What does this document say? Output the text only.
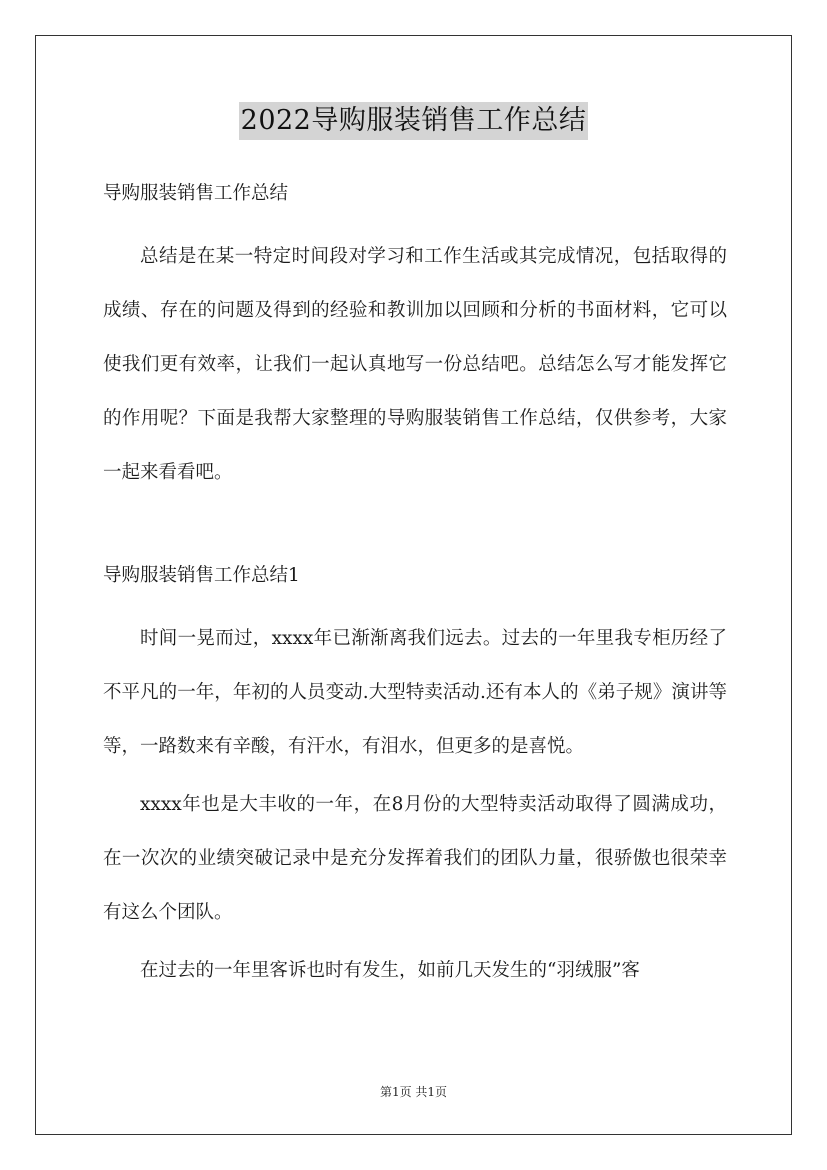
2022导购服装销售工作总结

导购服装销售工作总结

总结是在某一特定时间段对学习和工作生活或其完成情况，包括取得的成绩、存在的问题及得到的经验和教训加以回顾和分析的书面材料，它可以使我们更有效率，让我们一起认真地写一份总结吧。总结怎么写才能发挥它的作用呢？下面是我帮大家整理的导购服装销售工作总结，仅供参考，大家一起来看看吧。

导购服装销售工作总结1

时间一晃而过，xxxx年已渐渐离我们远去。过去的一年里我专柜历经了不平凡的一年，年初的人员变动.大型特卖活动.还有本人的《弟子规》演讲等等，一路数来有辛酸，有汗水，有泪水，但更多的是喜悦。

xxxx年也是大丰收的一年，在8月份的大型特卖活动取得了圆满成功，在一次次的业绩突破记录中是充分发挥着我们的团队力量，很骄傲也很荣幸有这么个团队。

在过去的一年里客诉也时有发生，如前几天发生的“羽绒服”客

第1页 共1页
